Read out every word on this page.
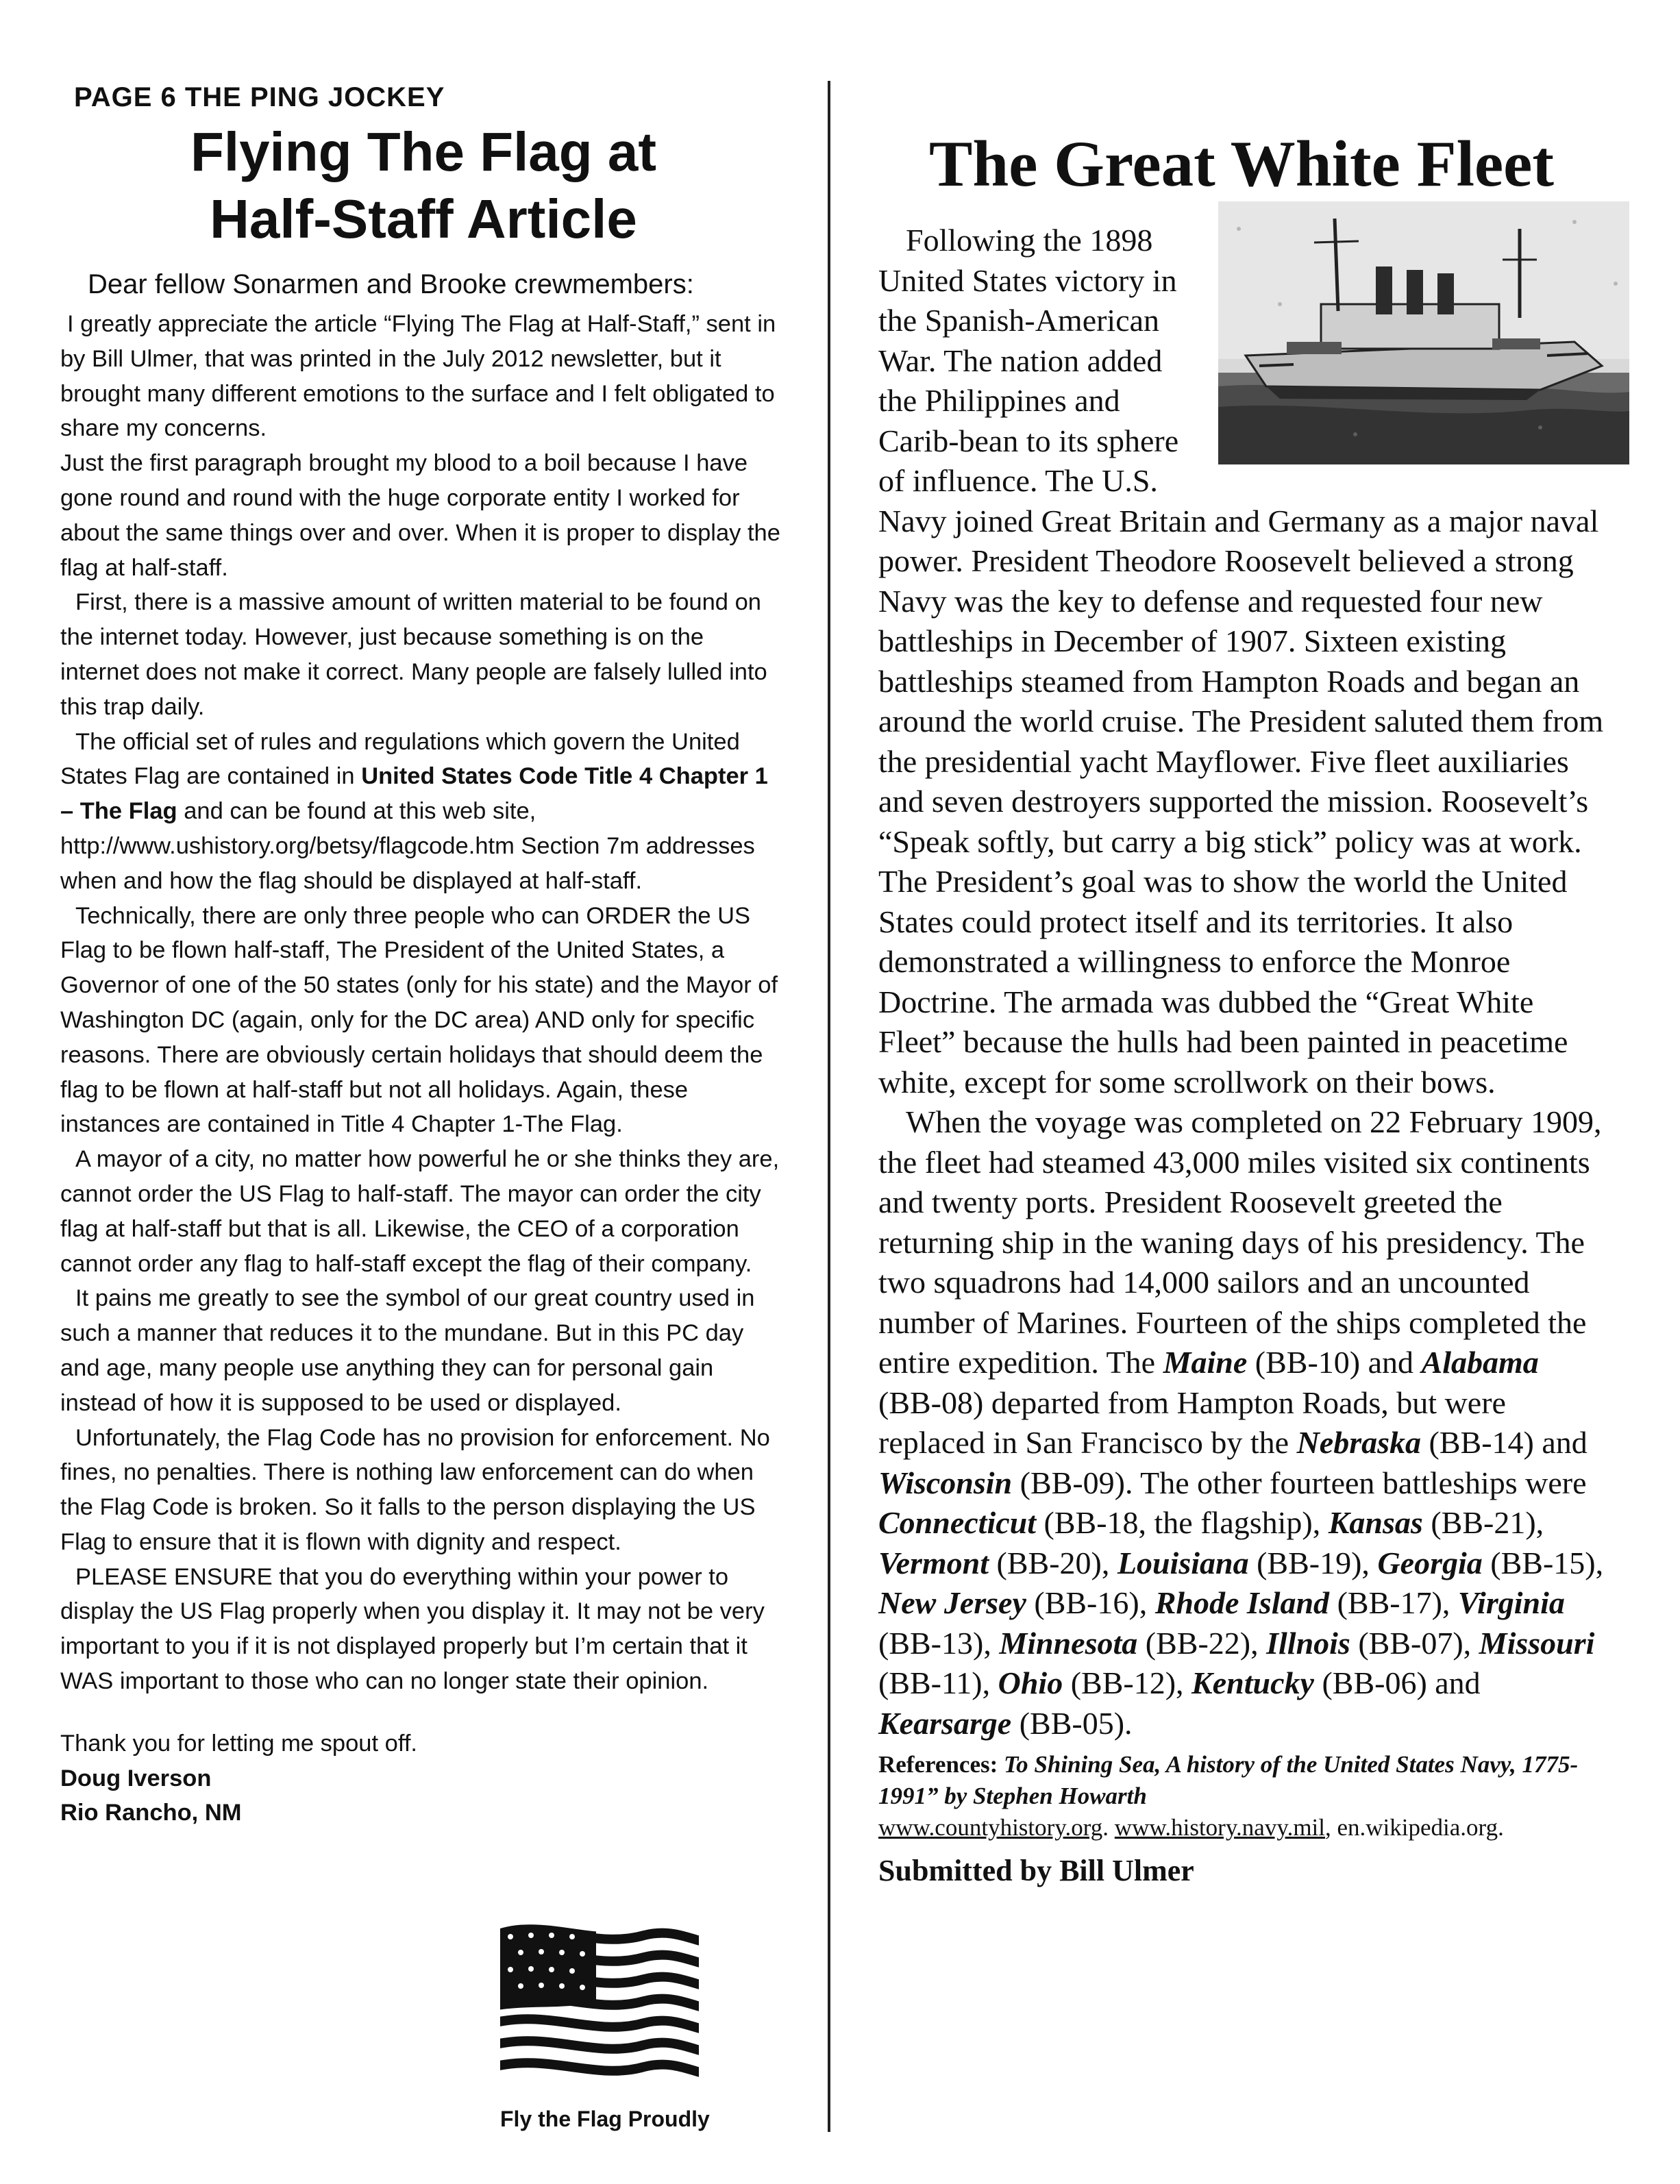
PAGE 6 THE PING JOCKEY
Flying The Flag at
Half-Staff Article
Dear fellow Sonarmen and Brooke crewmembers:

I greatly appreciate the article “Flying The Flag at Half-Staff,” sent in by Bill Ulmer, that was printed in the July 2012 newsletter, but it brought many different emotions to the surface and I felt obligated to share my concerns.

Just the first paragraph brought my blood to a boil because I have gone round and round with the huge corporate entity I worked for about the same things over and over. When it is proper to display the flag at half-staff.

First, there is a massive amount of written material to be found on the internet today. However, just because something is on the internet does not make it correct. Many people are falsely lulled into this trap daily.

The official set of rules and regulations which govern the United States Flag are contained in United States Code Title 4 Chapter 1 – The Flag and can be found at this web site, http://www.ushistory.org/betsy/flagcode.htm Section 7m addresses when and how the flag should be displayed at half-staff.

Technically, there are only three people who can ORDER the US Flag to be flown half-staff, The President of the United States, a Governor of one of the 50 states (only for his state) and the Mayor of Washington DC (again, only for the DC area) AND only for specific reasons. There are obviously certain holidays that should deem the flag to be flown at half-staff but not all holidays. Again, these instances are contained in Title 4 Chapter 1-The Flag.

A mayor of a city, no matter how powerful he or she thinks they are, cannot order the US Flag to half-staff. The mayor can order the city flag at half-staff but that is all. Likewise, the CEO of a corporation cannot order any flag to half-staff except the flag of their company.

It pains me greatly to see the symbol of our great country used in such a manner that reduces it to the mundane. But in this PC day and age, many people use anything they can for personal gain instead of how it is supposed to be used or displayed.

Unfortunately, the Flag Code has no provision for enforcement. No fines, no penalties. There is nothing law enforcement can do when the Flag Code is broken. So it falls to the person displaying the US Flag to ensure that it is flown with dignity and respect.

PLEASE ENSURE that you do everything within your power to display the US Flag properly when you display it. It may not be very important to you if it is not displayed properly but I’m certain that it WAS important to those who can no longer state their opinion.

Thank you for letting me spout off.

Doug Iverson

Rio Rancho, NM

Fly the Flag Proudly
The Great White Fleet

Following the 1898 United States victory in the Spanish-American War. The nation added the Philippines and Carib-bean to its sphere of influence. The U.S. Navy joined Great Britain and Germany as a major naval power. President Theodore Roosevelt believed a strong Navy was the key to defense and requested four new battleships in December of 1907. Sixteen existing battleships steamed from Hampton Roads and began an around the world cruise. The President saluted them from the presidential yacht Mayflower. Five fleet auxiliaries and seven destroyers supported the mission. Roosevelt’s “Speak softly, but carry a big stick” policy was at work.

The President’s goal was to show the world the United States could protect itself and its territories. It also demonstrated a willingness to enforce the Monroe Doctrine. The armada was dubbed the “Great White Fleet” because the hulls had been painted in peacetime white, except for some scrollwork on their bows.

When the voyage was completed on 22 February 1909, the fleet had steamed 43,000 miles visited six continents and twenty ports. President Roosevelt greeted the returning ship in the waning days of his presidency. The two squadrons had 14,000 sailors and an uncounted number of Marines. Fourteen of the ships completed the entire expedition. The Maine (BB-10) and Alabama (BB-08) departed from Hampton Roads, but were replaced in San Francisco by the Nebraska (BB-14) and Wisconsin (BB-09). The other fourteen battleships were Connecticut (BB-18, the flagship), Kansas (BB-21), Vermont (BB-20), Louisiana (BB-19), Georgia (BB-15), New Jersey (BB-16), Rhode Island (BB-17), Virginia (BB-13), Minnesota (BB-22), Illnois (BB-07), Missouri (BB-11), Ohio (BB-12), Kentucky (BB-06) and Kearsarge (BB-05).

References: To Shining Sea, A history of the United States Navy, 1775-1991” by Stephen Howarth
www.countyhistory.org. www.history.navy.mil, en.wikipedia.org.

Submitted by Bill Ulmer
